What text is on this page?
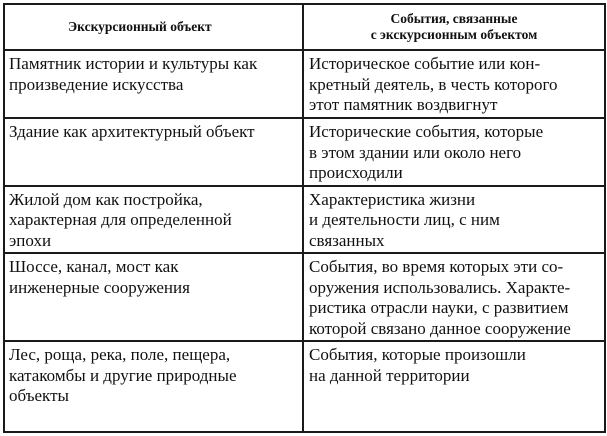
Экскурсионный объект	События, связанные
с экскурсионным объектом

Памятник истории и культуры как
произведение искусства	Историческое событие или кон-
кретный деятель, в честь которого
этот памятник воздвигнут

Здание как архитектурный объект	Исторические события, которые
в этом здании или около него
происходили

Жилой дом как постройка,
характерная для определенной
эпохи	Характеристика жизни
и деятельности лиц, с ним
связанных

Шоссе, канал, мост как
инженерные сооружения	События, во время которых эти со-
оружения использовались. Характе-
ристика отрасли науки, с развитием
которой связано данное сооружение

Лес, роща, река, поле, пещера,
катакомбы и другие природные
объекты	События, которые произошли
на данной территории
